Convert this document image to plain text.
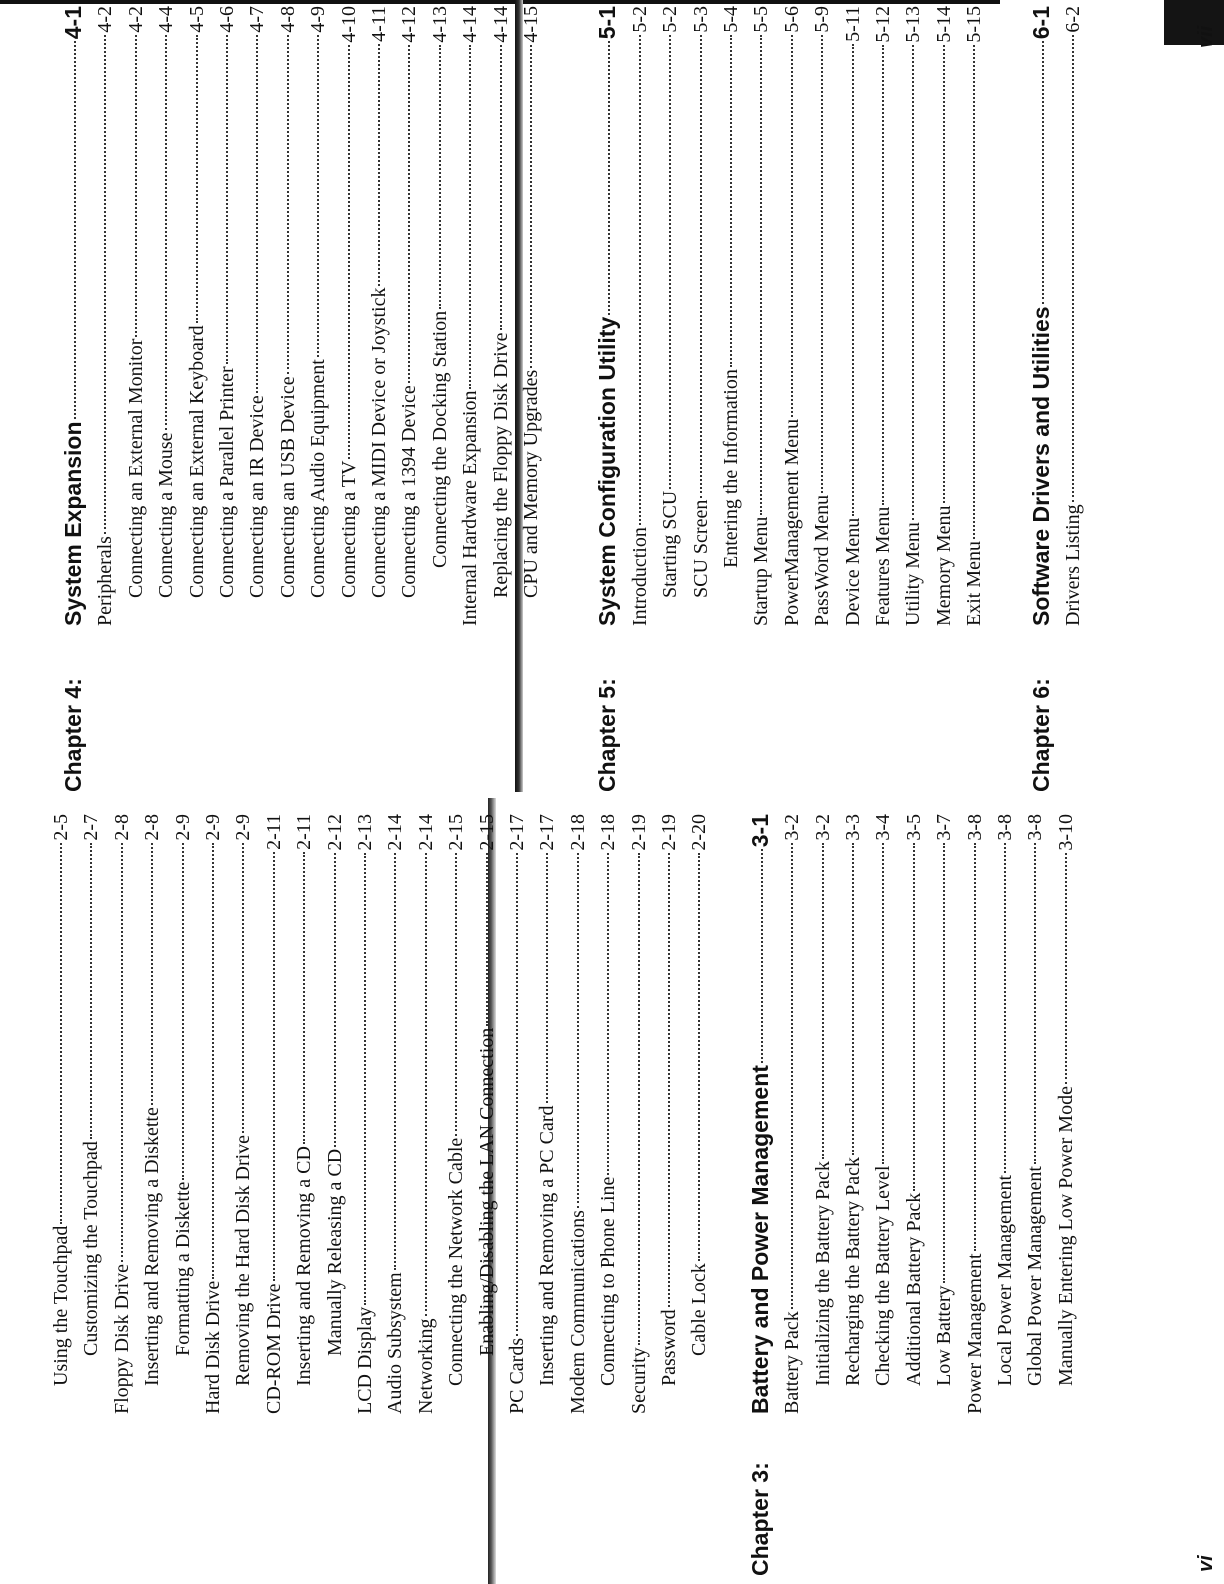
vi
vii
Using the Touchpad
2-5
Customizing the Touchpad
2-7
Floppy Disk Drive
2-8
Inserting and Removing a Diskette
2-8
Formatting a Diskette
2-9
Hard Disk Drive
2-9
Removing the Hard Disk Drive
2-9
CD-ROM Drive
2-11
Inserting and Removing a CD
2-11
Manually Releasing a CD
2-12
LCD Display
2-13
Audio Subsystem
2-14
Networking
2-14
Connecting the Network Cable
2-15
Enabling/Disabling the LAN Connection
2-15
PC Cards
2-17
Inserting and Removing a PC Card
2-17
Modem Communications
2-18
Connecting to Phone Line
2-18
Security
2-19
Password
2-19
Cable Lock
2-20
Chapter 3:
Battery and Power Management
3-1
Battery Pack
3-2
Initializing the Battery Pack
3-2
Recharging the Battery Pack
3-3
Checking the Battery Level
3-4
Additional Battery Pack
3-5
Low Battery
3-7
Power Management
3-8
Local Power Management
3-8
Global Power Management
3-8
Manually Entering Low Power Mode
3-10
Chapter 4:
System Expansion
4-1
Peripherals
4-2
Connecting an External Monitor
4-2
Connecting a Mouse
4-4
Connecting an External Keyboard
4-5
Connecting a Parallel Printer
4-6
Connecting an IR Device
4-7
Connecting an USB Device
4-8
Connecting Audio Equipment
4-9
Connecting a TV
4-10
Connecting a MIDI Device or Joystick
4-11
Connecting a 1394 Device
4-12
Connecting the Docking Station
4-13
Internal Hardware Expansion
4-14
Replacing the Floppy Disk Drive
4-14
CPU and Memory Upgrades
4-15
Chapter 5:
System Configuration Utility
5-1
Introduction
5-2
Starting SCU
5-2
SCU Screen
5-3
Entering the Information
5-4
Startup Menu
5-5
PowerManagement Menu
5-6
PassWord Menu
5-9
Device Menu
5-11
Features Menu
5-12
Utility Menu
5-13
Memory Menu
5-14
Exit Menu
5-15
Chapter 6:
Software Drivers and Utilities
6-1
Drivers Listing
6-2
